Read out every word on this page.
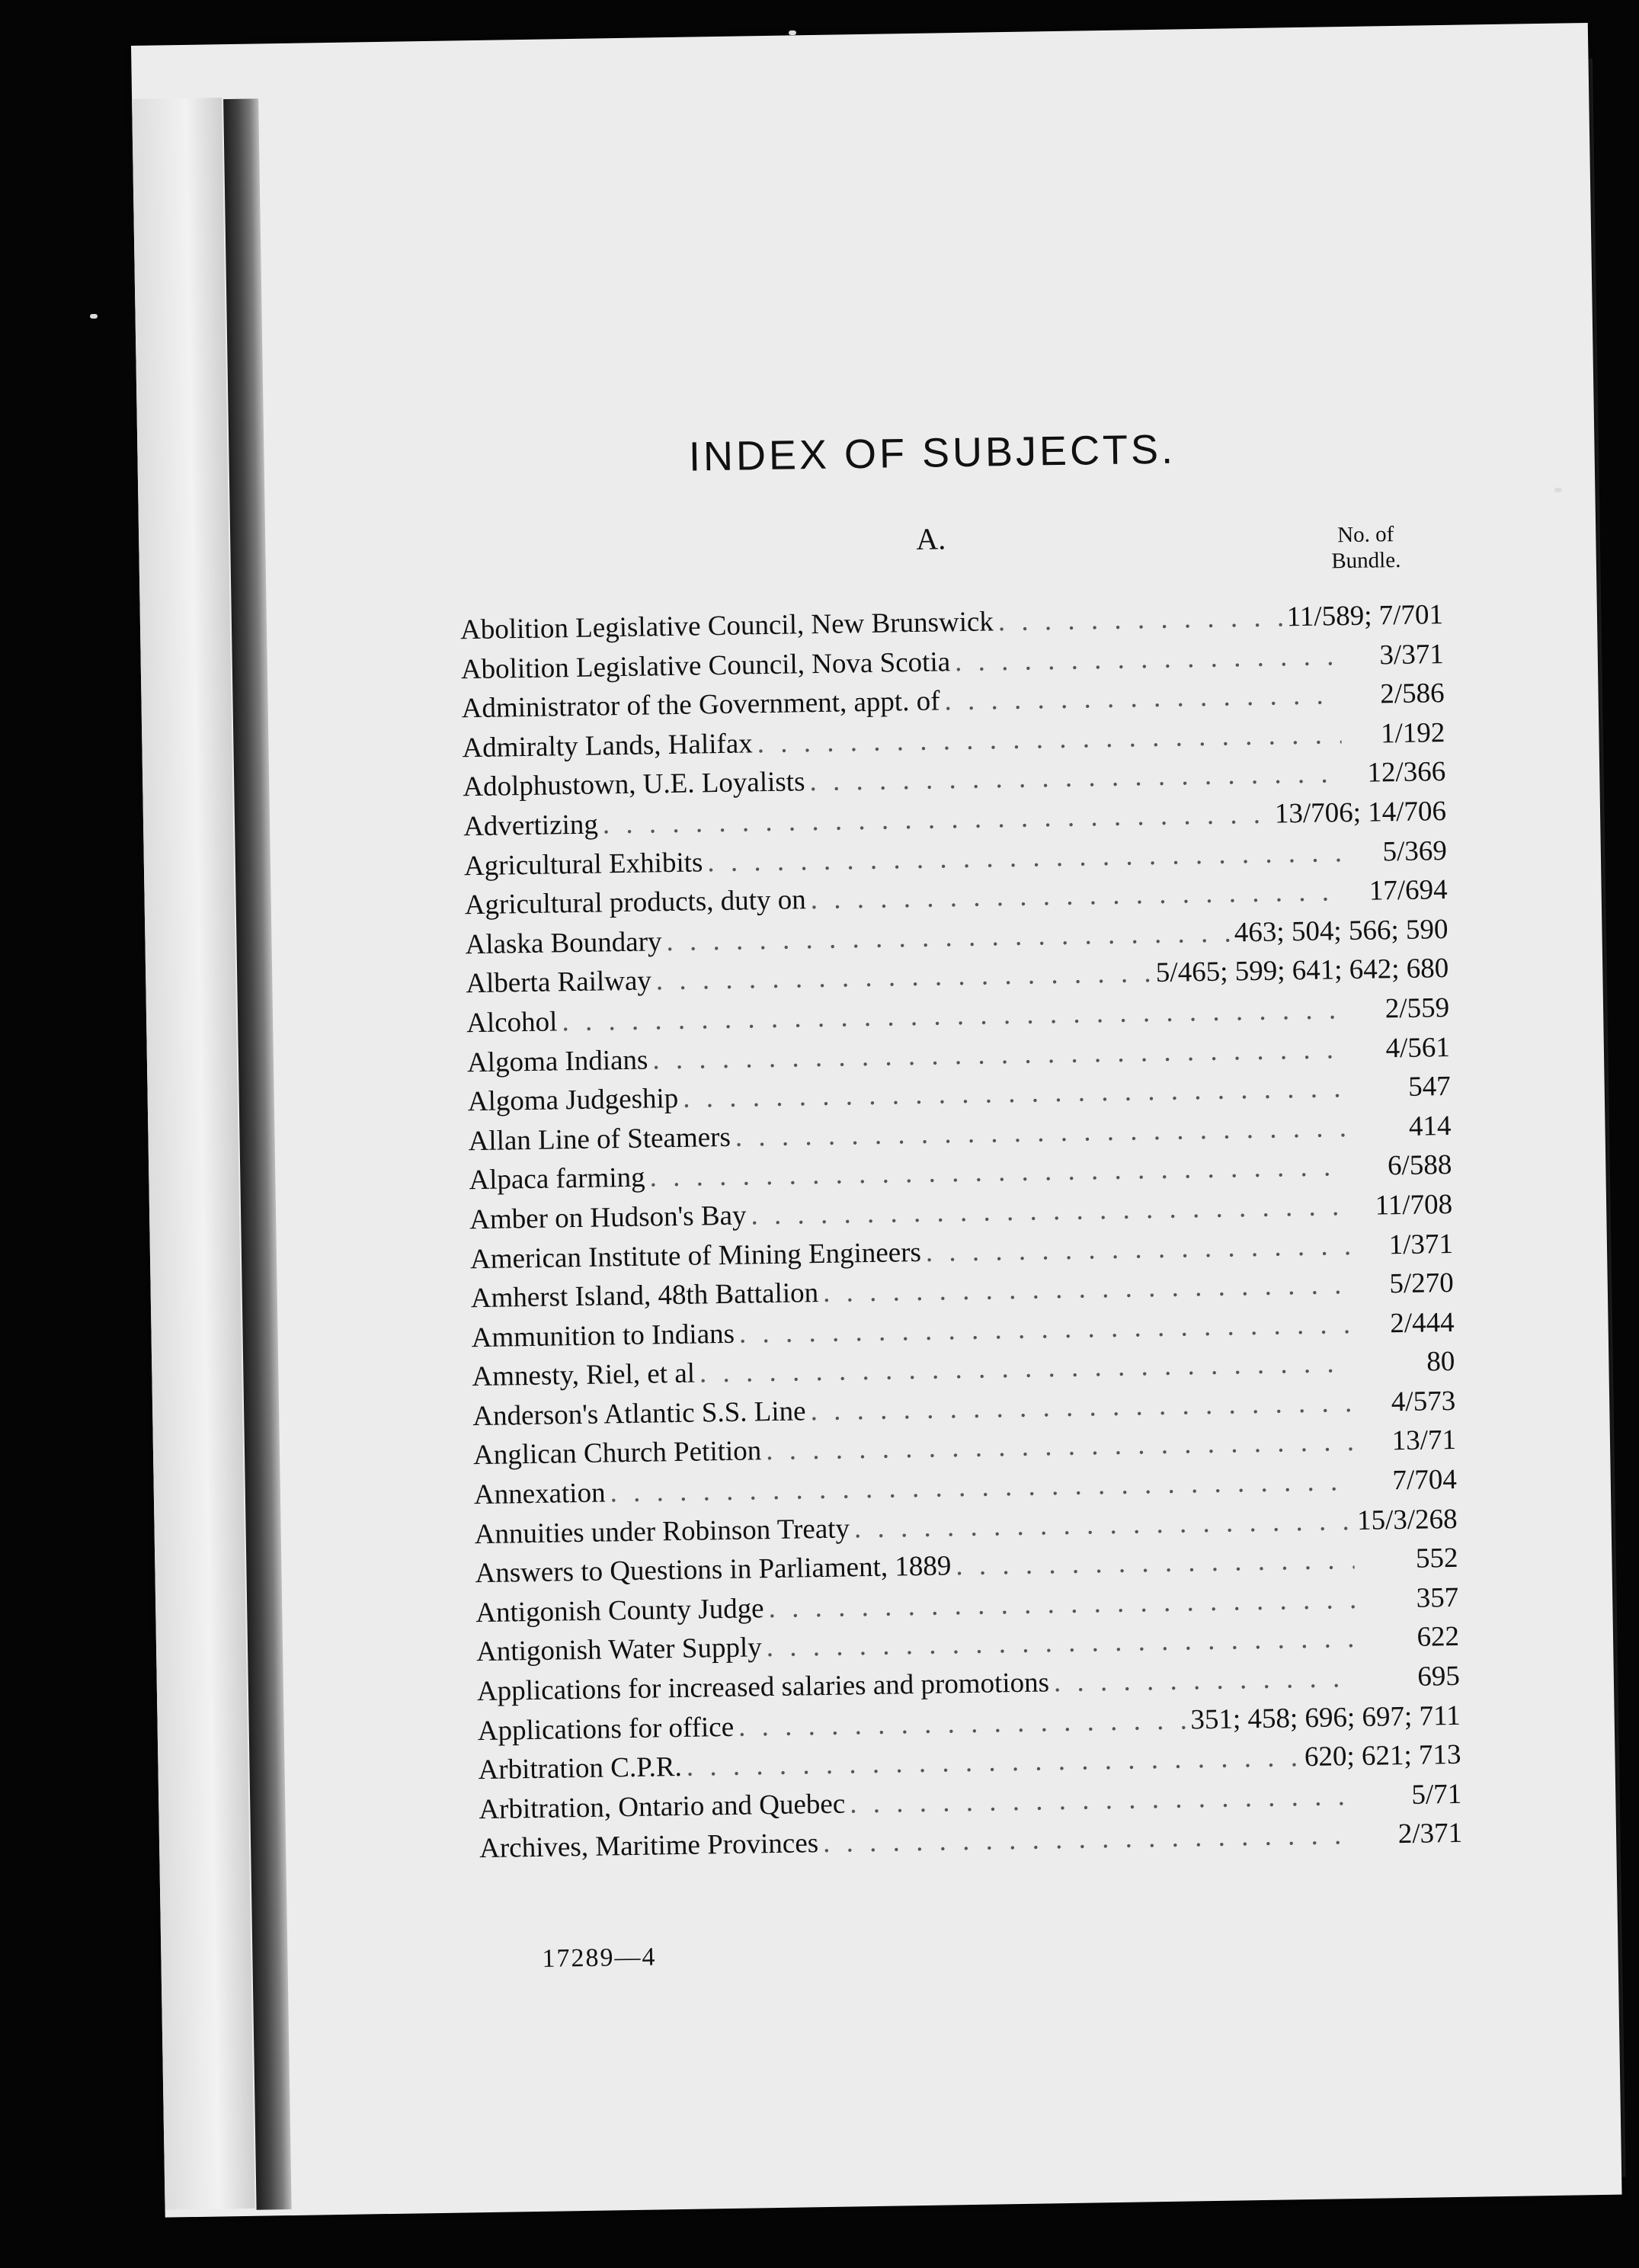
INDEX OF SUBJECTS.
A.	No. of
Bundle.
Abolition Legislative Council, New Brunswick . . .	11/589; 7/701
Abolition Legislative Council, Nova Scotia . . .	3/371
Administrator of the Government, appt. of . . .	2/586
Admiralty Lands, Halifax . . .	1/192
Adolphustown, U.E. Loyalists . . .	12/366
Advertizing . . .	13/706; 14/706
Agricultural Exhibits . . .	5/369
Agricultural products, duty on . . .	17/694
Alaska Boundary . . .	463; 504; 566; 590
Alberta Railway . . .	5/465; 599; 641; 642; 680
Alcohol . . .	2/559
Algoma Indians . . .	4/561
Algoma Judgeship . . .	547
Allan Line of Steamers . . .	414
Alpaca farming . . .	6/588
Amber on Hudson's Bay . . .	11/708
American Institute of Mining Engineers . . .	1/371
Amherst Island, 48th Battalion . . .	5/270
Ammunition to Indians . . .	2/444
Amnesty, Riel, et al . . .	80
Anderson's Atlantic S.S. Line . . .	4/573
Anglican Church Petition . . .	13/71
Annexation . . .	7/704
Annuities under Robinson Treaty . . .	15/3/268
Answers to Questions in Parliament, 1889 . . .	552
Antigonish County Judge . . .	357
Antigonish Water Supply . . .	622
Applications for increased salaries and promotions . . .	695
Applications for office . . .	351; 458; 696; 697; 711
Arbitration C.P.R. . . .	620; 621; 713
Arbitration, Ontario and Quebec . . .	5/71
Archives, Maritime Provinces . . .	2/371
17289—4
